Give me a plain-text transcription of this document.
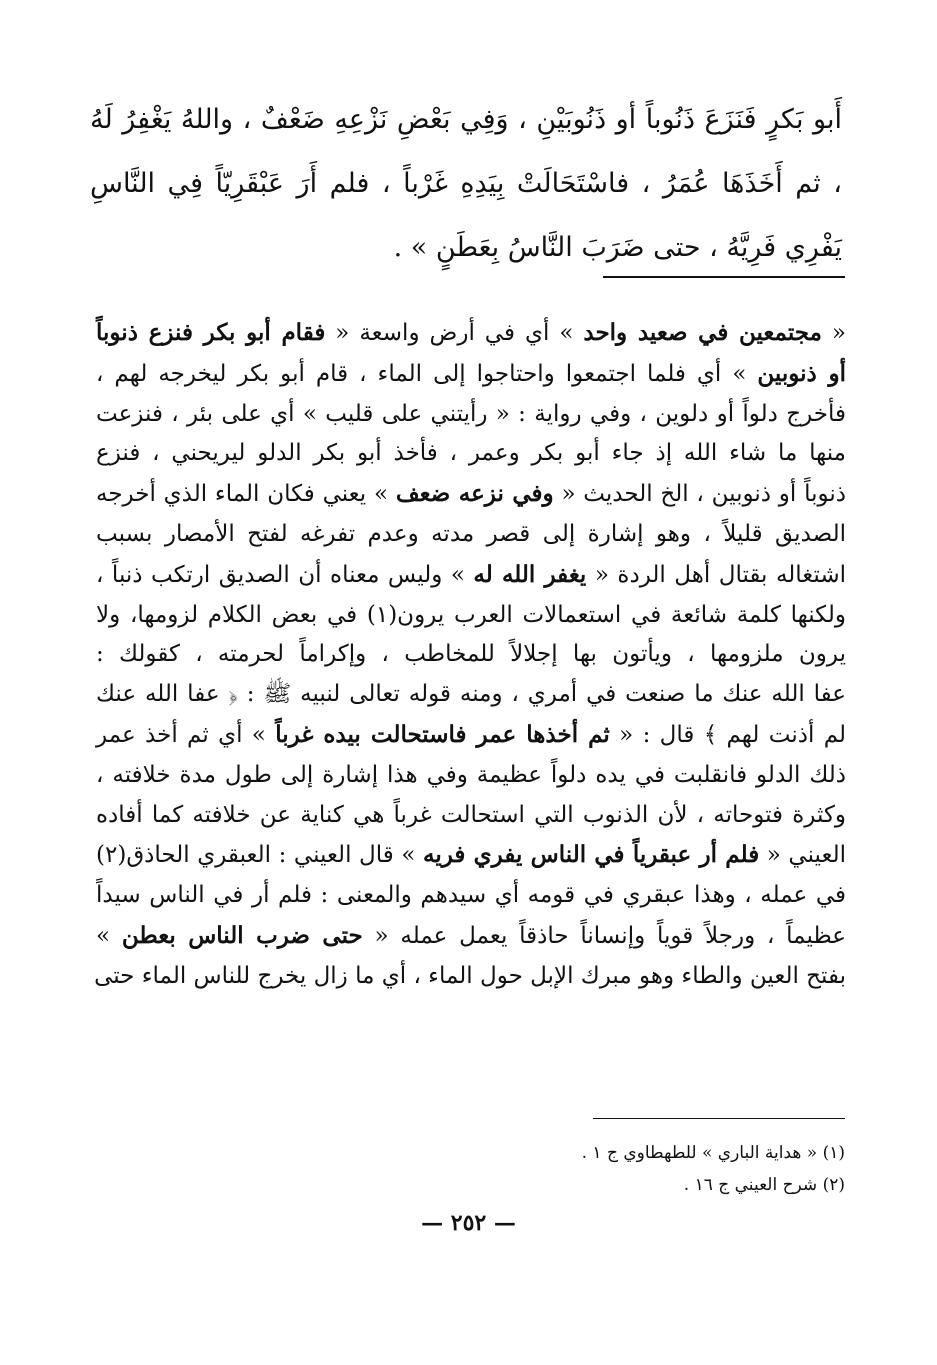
أَبو بَكرٍ فَنَزَعَ ذَنُوباً أو ذَنُوبَيْنِ ، وَفِي بَعْضِ نَزْعِهِ ضَعْفٌ ، واللهُ يَغْفِرُ لَهُ ، ثم أَخَذَهَا عُمَرُ ، فاسْتَحَالَتْ بِيَدِهِ غَرْباً ، فلم أَرَ عَبْقَرِيّاً فِي النَّاسِ يَفْرِي فَرِيَّهُ ، حتى ضَرَبَ النَّاسُ بِعَطَنٍ » .
« مجتمعين في صعيد واحد » أي في أرض واسعة « فقام أبو بكر فنزع ذنوباً
أو ذنوبين » أي فلما اجتمعوا واحتاجوا إلى الماء ، قام أبو بكر ليخرجه لهم ،
فأخرج دلواً أو دلوين ، وفي رواية : « رأيتني على قليب » أي على بئر ، فنزعت
منها ما شاء الله إذ جاء أبو بكر وعمر ، فأخذ أبو بكر الدلو ليريحني ، فنزع
ذنوباً أو ذنوبين ، الخ الحديث « وفي نزعه ضعف » يعني فكان الماء الذي أخرجه
الصديق قليلاً ، وهو إشارة إلى قصر مدته وعدم تفرغه لفتح الأمصار بسبب
اشتغاله بقتال أهل الردة « يغفر الله له » وليس معناه أن الصديق ارتكب ذنباً ،
ولكنها كلمة شائعة في استعمالات العرب يرون(١) في بعض الكلام لزومها، ولا
يرون ملزومها ، ويأتون بها إجلالاً للمخاطب ، وإكراماً لحرمته ، كقولك :
عفا الله عنك ما صنعت في أمري ، ومنه قوله تعالى لنبيه ﷺ : ﴿ عفا الله عنك
لم أذنت لهم ﴾ قال : « ثم أخذها عمر فاستحالت بيده غرباً » أي ثم أخذ عمر
ذلك الدلو فانقلبت في يده دلواً عظيمة وفي هذا إشارة إلى طول مدة خلافته ،
وكثرة فتوحاته ، لأن الذنوب التي استحالت غرباً هي كناية عن خلافته كما أفاده
العيني « فلم أر عبقرياً في الناس يفري فريه » قال العيني : العبقري الحاذق(٢)
في عمله ، وهذا عبقري في قومه أي سيدهم والمعنى : فلم أر في الناس سيداً
عظيماً ، ورجلاً قوياً وإنساناً حاذقاً يعمل عمله « حتى ضرب الناس بعطن »
بفتح العين والطاء وهو مبرك الإبل حول الماء ، أي ما زال يخرج للناس الماء حتى
(١) « هداية الباري » للطهطاوي ج ١ .
(٢) شرح العيني ج ١٦ .
— ٢٥٢ —
